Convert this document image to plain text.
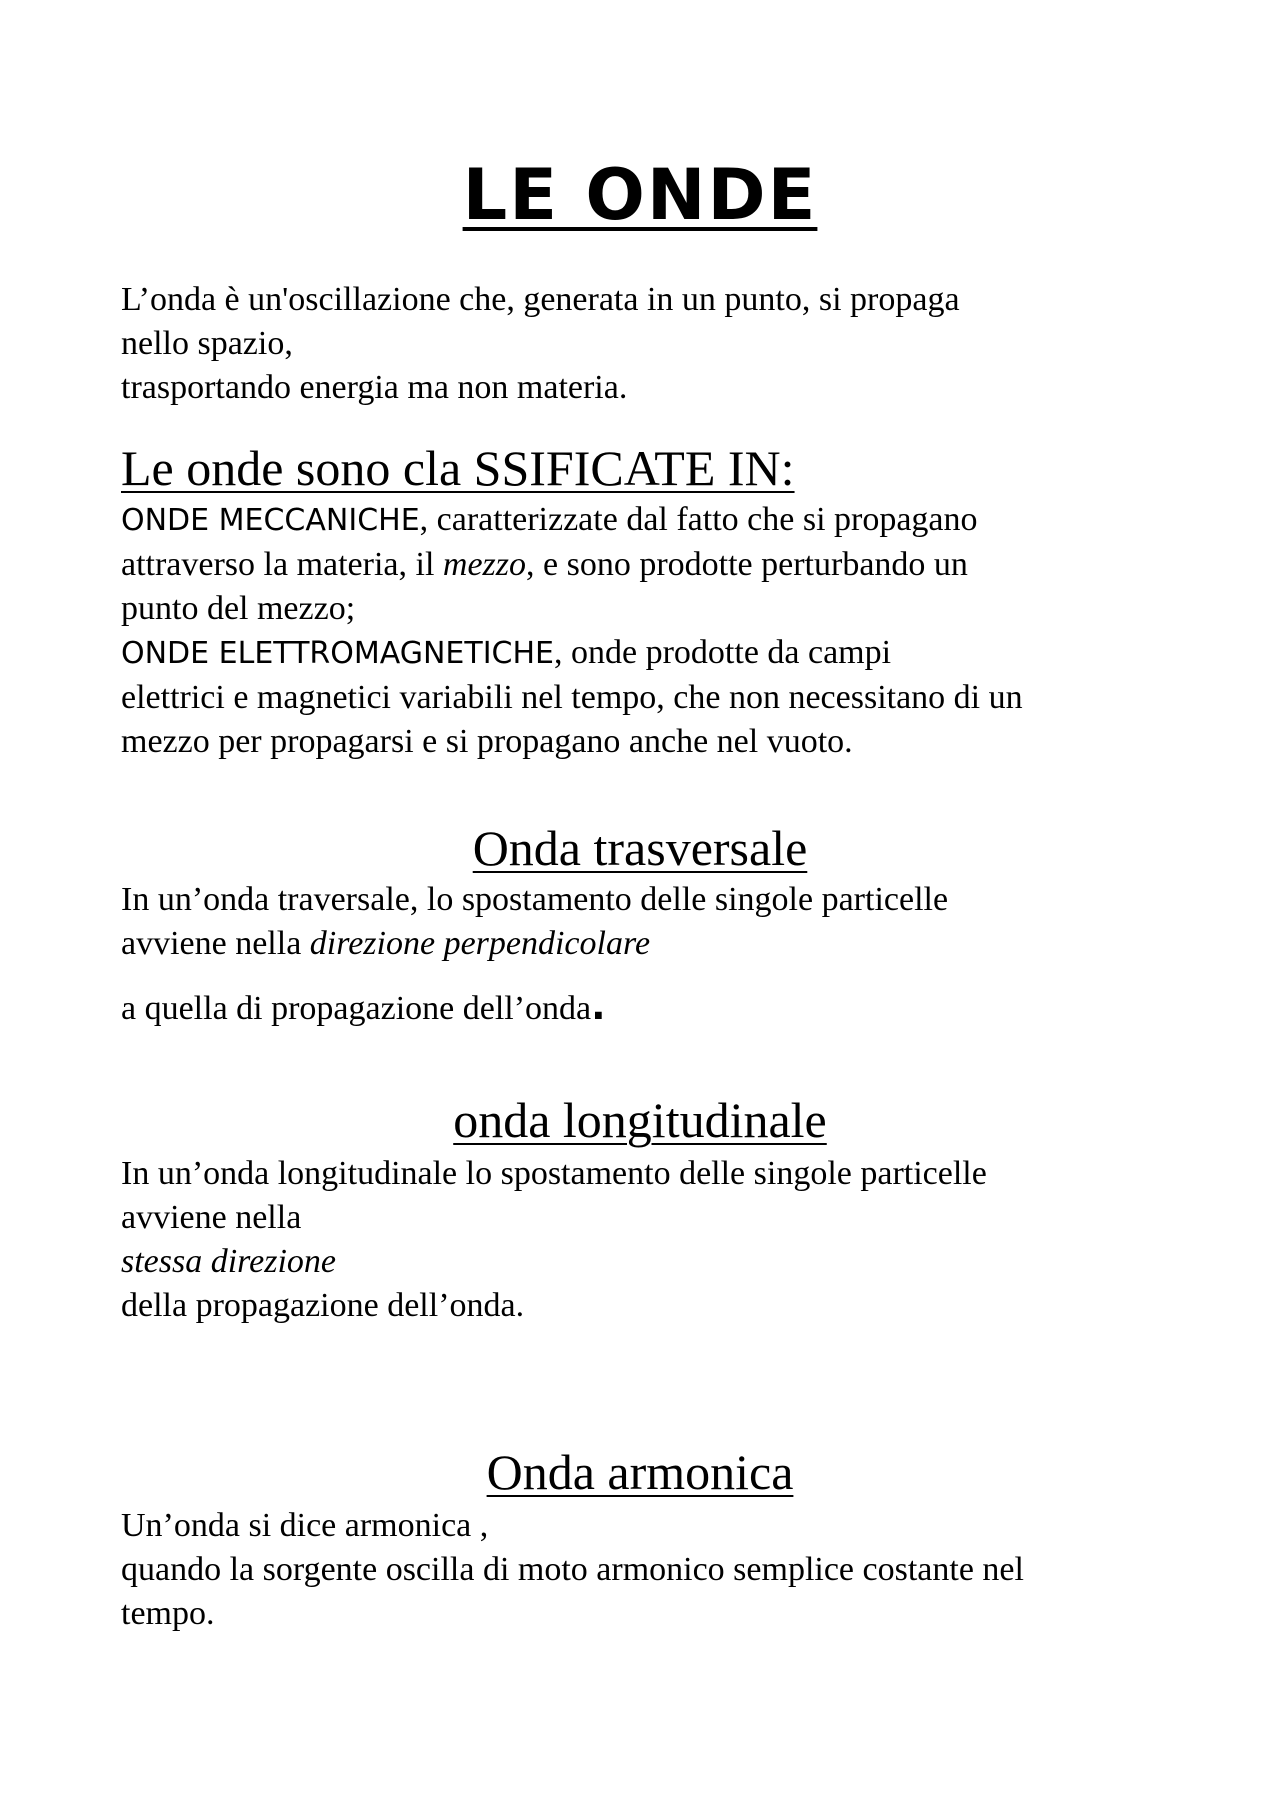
LE ONDE
L’onda è un'oscillazione che, generata in un punto, si propaga
nello spazio,
trasportando energia ma non materia.
Le onde sono cla SSIFICATE IN:
ONDE MECCANICHE, caratterizzate dal fatto che si propagano
attraverso la materia, il mezzo, e sono prodotte perturbando un
punto del mezzo;
ONDE ELETTROMAGNETICHE, onde prodotte da campi
elettrici e magnetici variabili nel tempo, che non necessitano di un
mezzo per propagarsi e si propagano anche nel vuoto.
Onda trasversale
In un’onda traversale, lo spostamento delle singole particelle
avviene nella direzione perpendicolare
a quella di propagazione dell’onda.
onda longitudinale
In un’onda longitudinale lo spostamento delle singole particelle
avviene nella
stessa direzione
della propagazione dell’onda.
Onda armonica
Un’onda si dice armonica ,
quando la sorgente oscilla di moto armonico semplice costante nel
tempo.
